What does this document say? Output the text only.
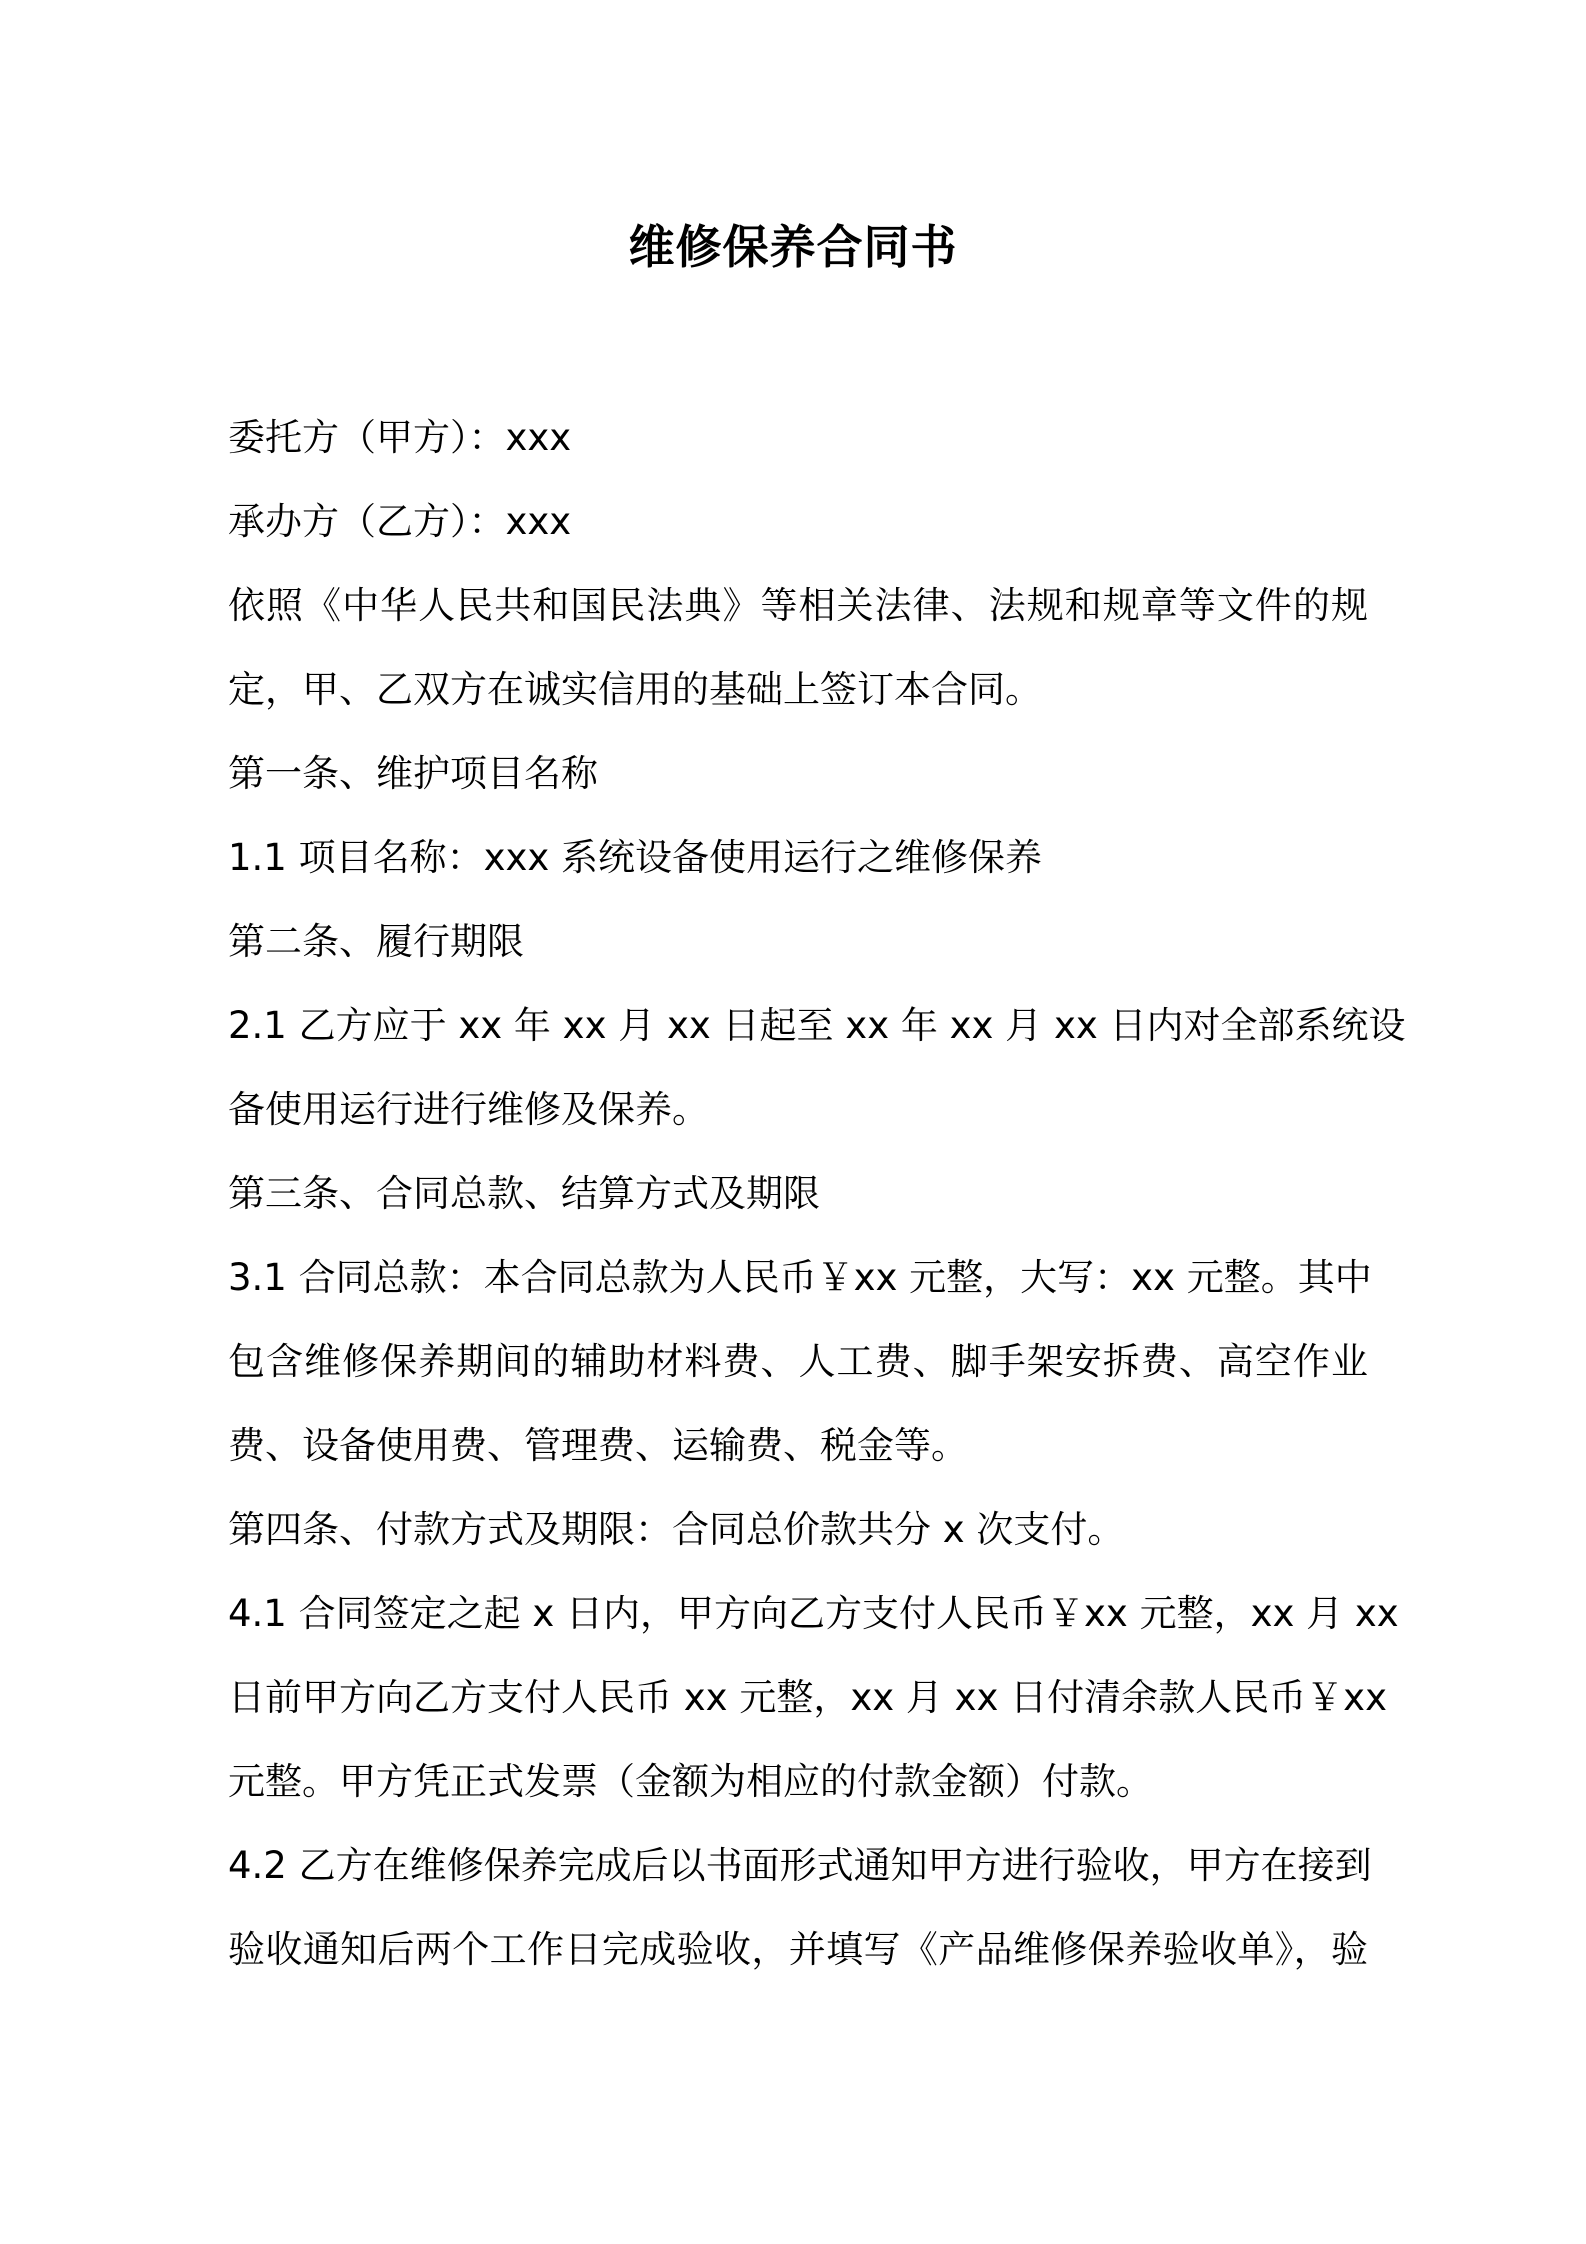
维修保养合同书

委托方（甲方）：xxx

承办方（乙方）：xxx

依照《中华人民共和国民法典》等相关法律、法规和规章等文件的规

定，甲、乙双方在诚实信用的基础上签订本合同。

第一条、维护项目名称

1.1 项目名称：xxx 系统设备使用运行之维修保养

第二条、履行期限

2.1 乙方应于 xx 年 xx 月 xx 日起至 xx 年 xx 月 xx 日内对全部系统设

备使用运行进行维修及保养。

第三条、合同总款、结算方式及期限

3.1 合同总款：本合同总款为人民币￥xx 元整，大写：xx 元整。其中

包含维修保养期间的辅助材料费、人工费、脚手架安拆费、高空作业

费、设备使用费、管理费、运输费、税金等。

第四条、付款方式及期限：合同总价款共分 x 次支付。

4.1 合同签定之起 x 日内，甲方向乙方支付人民币￥xx 元整，xx 月 xx

日前甲方向乙方支付人民币 xx 元整，xx 月 xx 日付清余款人民币￥xx

元整。甲方凭正式发票（金额为相应的付款金额）付款。

4.2 乙方在维修保养完成后以书面形式通知甲方进行验收，甲方在接到

验收通知后两个工作日完成验收，并填写《产品维修保养验收单》，验
